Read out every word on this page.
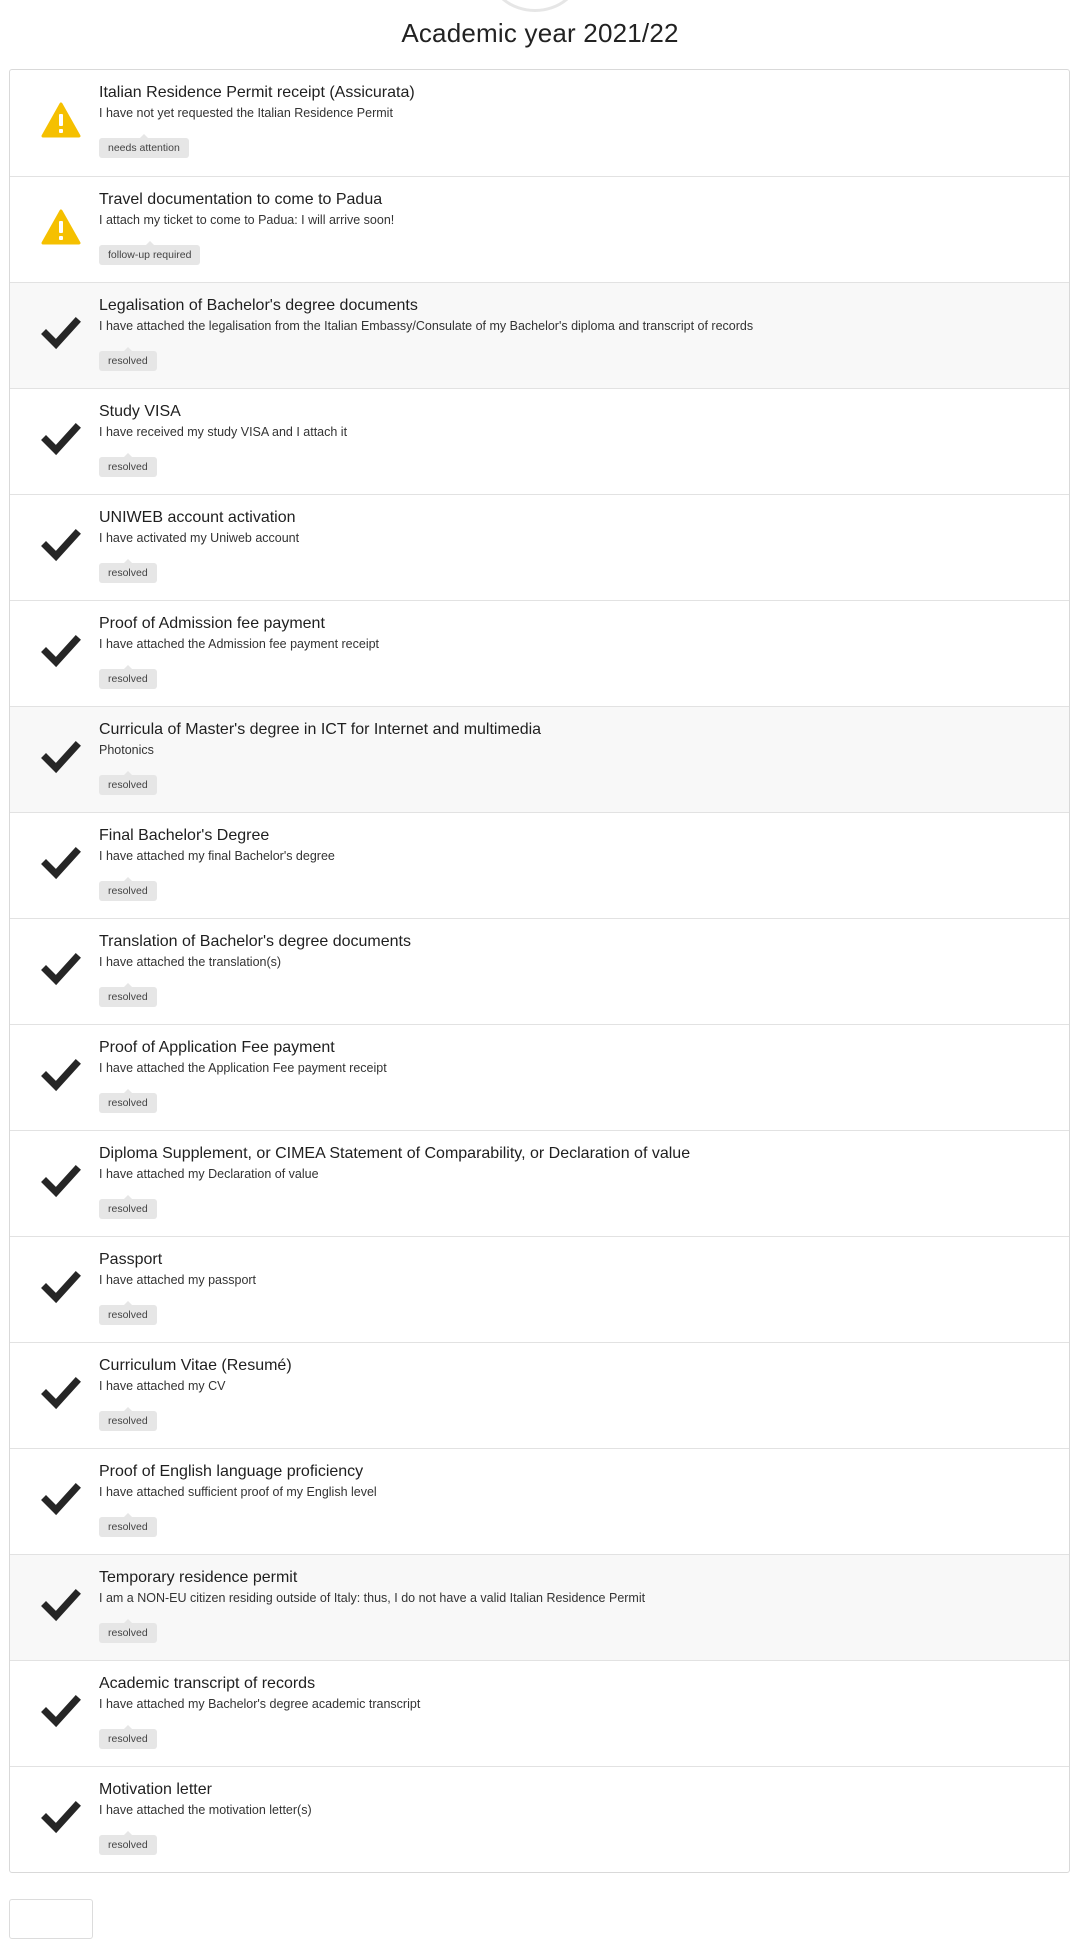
Academic year 2021/22
Italian Residence Permit receipt (Assicurata)
I have not yet requested the Italian Residence Permit
needs attention
Travel documentation to come to Padua
I attach my ticket to come to Padua: I will arrive soon!
follow-up required
Legalisation of Bachelor's degree documents
I have attached the legalisation from the Italian Embassy/Consulate of my Bachelor's diploma and transcript of records
resolved
Study VISA
I have received my study VISA and I attach it
resolved
UNIWEB account activation
I have activated my Uniweb account
resolved
Proof of Admission fee payment
I have attached the Admission fee payment receipt
resolved
Curricula of Master's degree in ICT for Internet and multimedia
Photonics
resolved
Final Bachelor's Degree
I have attached my final Bachelor's degree
resolved
Translation of Bachelor's degree documents
I have attached the translation(s)
resolved
Proof of Application Fee payment
I have attached the Application Fee payment receipt
resolved
Diploma Supplement, or CIMEA Statement of Comparability, or Declaration of value
I have attached my Declaration of value
resolved
Passport
I have attached my passport
resolved
Curriculum Vitae (Resumé)
I have attached my CV
resolved
Proof of English language proficiency
I have attached sufficient proof of my English level
resolved
Temporary residence permit
I am a NON-EU citizen residing outside of Italy: thus, I do not have a valid Italian Residence Permit
resolved
Academic transcript of records
I have attached my Bachelor's degree academic transcript
resolved
Motivation letter
I have attached the motivation letter(s)
resolved
